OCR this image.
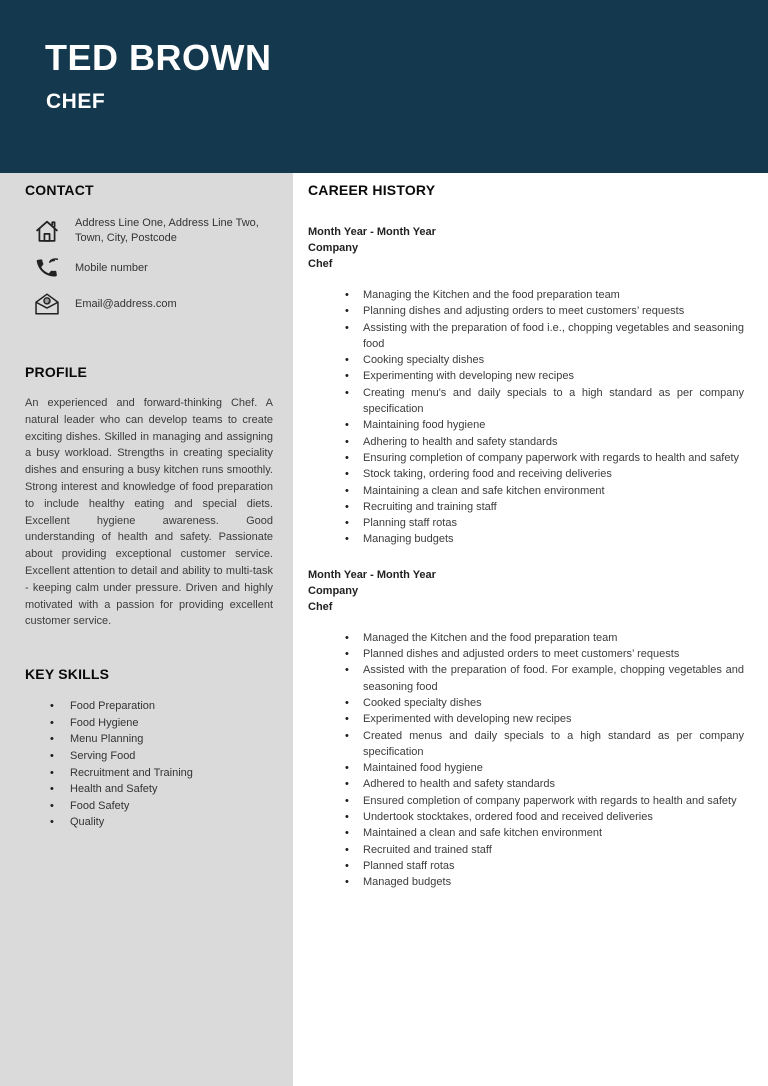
TED BROWN
CHEF
CONTACT
Address Line One, Address Line Two, Town, City, Postcode
Mobile number
@ Email@address.com
PROFILE
An experienced and forward-thinking Chef. A natural leader who can develop teams to create exciting dishes. Skilled in managing and assigning a busy workload. Strengths in creating speciality dishes and ensuring a busy kitchen runs smoothly. Strong interest and knowledge of food preparation to include healthy eating and special diets. Excellent hygiene awareness. Good understanding of health and safety. Passionate about providing exceptional customer service. Excellent attention to detail and ability to multi-task - keeping calm under pressure. Driven and highly motivated with a passion for providing excellent customer service.
KEY SKILLS
• Food Preparation
• Food Hygiene
• Menu Planning
• Serving Food
• Recruitment and Training
• Health and Safety
• Food Safety
• Quality
CAREER HISTORY
Month Year - Month Year
Company
Chef
• Managing the Kitchen and the food preparation team
• Planning dishes and adjusting orders to meet customers’ requests
• Assisting with the preparation of food i.e., chopping vegetables and seasoning food
• Cooking specialty dishes
• Experimenting with developing new recipes
• Creating menu's and daily specials to a high standard as per company specification
• Maintaining food hygiene
• Adhering to health and safety standards
• Ensuring completion of company paperwork with regards to health and safety
• Stock taking, ordering food and receiving deliveries
• Maintaining a clean and safe kitchen environment
• Recruiting and training staff
• Planning staff rotas
• Managing budgets
Month Year - Month Year
Company
Chef
• Managed the Kitchen and the food preparation team
• Planned dishes and adjusted orders to meet customers’ requests
• Assisted with the preparation of food. For example, chopping vegetables and seasoning food
• Cooked specialty dishes
• Experimented with developing new recipes
• Created menus and daily specials to a high standard as per company specification
• Maintained food hygiene
• Adhered to health and safety standards
• Ensured completion of company paperwork with regards to health and safety
• Undertook stocktakes, ordered food and received deliveries
• Maintained a clean and safe kitchen environment
• Recruited and trained staff
• Planned staff rotas
• Managed budgets
